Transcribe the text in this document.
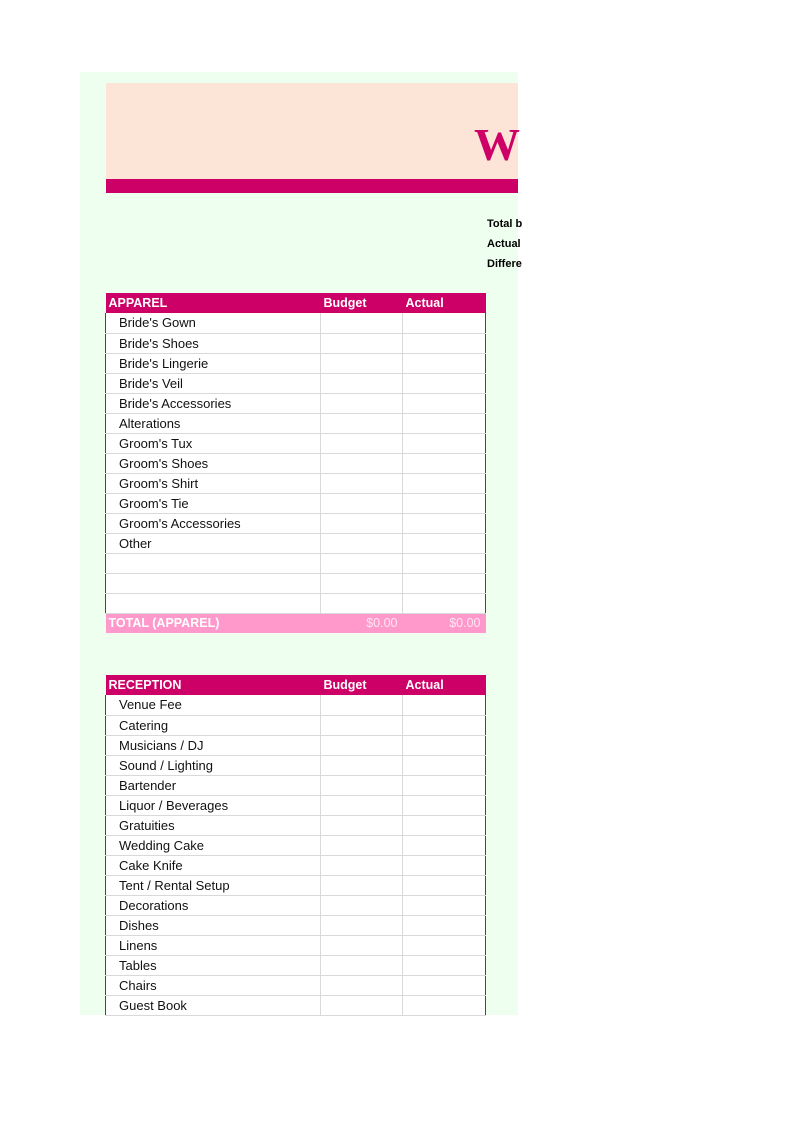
W
Total b
Actual
Differe
APPAREL	Budget	Actual
Bride's Gown		
Bride's Shoes		
Bride's Lingerie		
Bride's Veil		
Bride's Accessories		
Alterations		
Groom's Tux		
Groom's Shoes		
Groom's Shirt		
Groom's Tie		
Groom's Accessories		
Other		

TOTAL (APPAREL)	$0.00	$0.00
RECEPTION	Budget	Actual
Venue Fee		
Catering		
Musicians / DJ		
Sound / Lighting		
Bartender		
Liquor / Beverages		
Gratuities		
Wedding Cake		
Cake Knife		
Tent / Rental Setup		
Decorations		
Dishes		
Linens		
Tables		
Chairs		
Guest Book		
